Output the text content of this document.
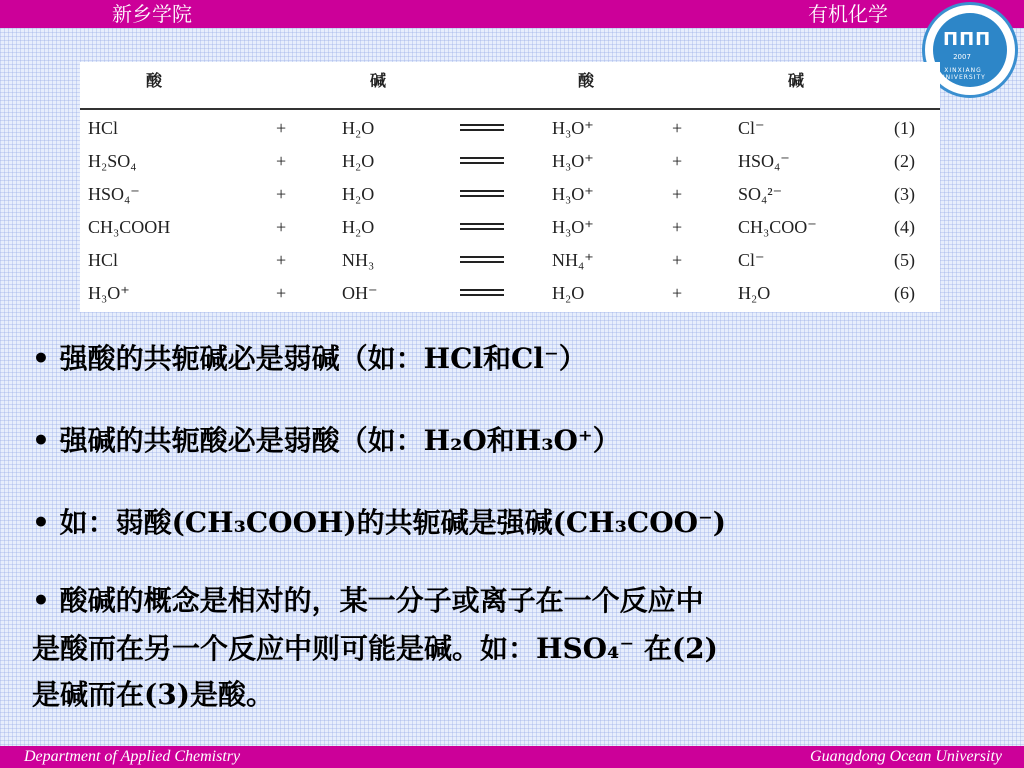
新乡学院	有机化学
ΠΠΠ
2007
XINXIANG UNIVERSITY
酸	碱	酸	碱
HCl	+	H₂O	H₃O⁺	+	Cl⁻	(1)
H₂SO₄	+	H₂O	H₃O⁺	+	HSO₄⁻	(2)
HSO₄⁻	+	H₂O	H₃O⁺	+	SO₄²⁻	(3)
CH₃COOH	+	H₂O	H₃O⁺	+	CH₃COO⁻	(4)
HCl	+	NH₃	NH₄⁺	+	Cl⁻	(5)
H₃O⁺	+	OH⁻	H₂O	+	H₂O	(6)
• 强酸的共轭碱必是弱碱（如：HCl和Cl⁻）
• 强碱的共轭酸必是弱酸（如：H₂O和H₃O⁺）
• 如：弱酸(CH₃COOH)的共轭碱是强碱(CH₃COO⁻)
• 酸碱的概念是相对的，某一分子或离子在一个反应中
是酸而在另一个反应中则可能是碱。如：HSO₄⁻ 在(2)
是碱而在(3)是酸。
Department of Applied Chemistry	Guangdong Ocean University
